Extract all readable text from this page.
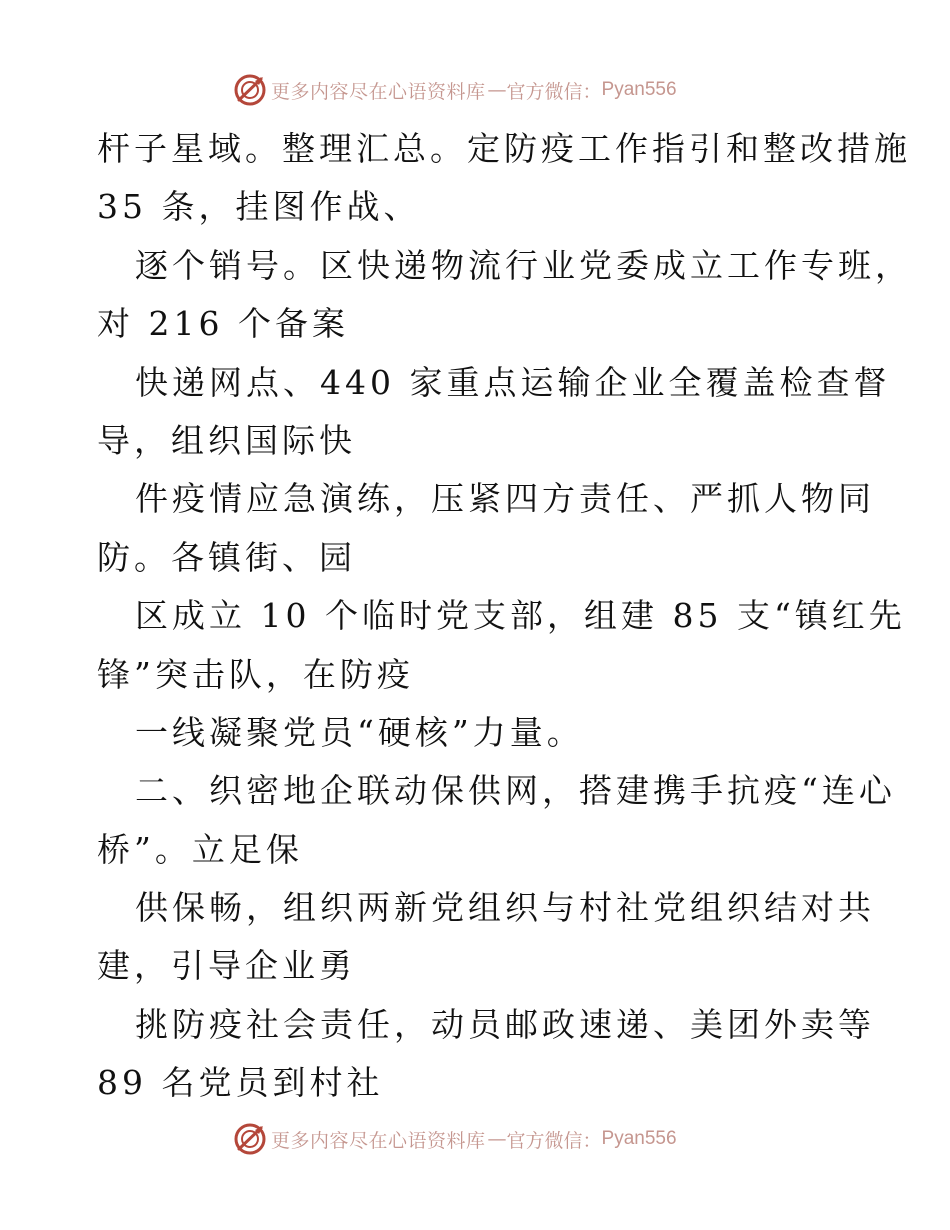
更多内容尽在心语资料库 — 官方微信： Pyan556
杆子星域。整理汇总。定防疫工作指引和整改措施
35 条，挂图作战、
逐个销号。区快递物流行业党委成立工作专班，
对 216 个备案
快递网点、440 家重点运输企业全覆盖检查督
导，组织国际快
件疫情应急演练，压紧四方责任、严抓人物同
防。各镇街、园
区成立 10 个临时党支部，组建 85 支“镇红先
锋”突击队，在防疫
一线凝聚党员“硬核”力量。
二、织密地企联动保供网，搭建携手抗疫“连心
桥”。立足保
供保畅，组织两新党组织与村社党组织结对共
建，引导企业勇
挑防疫社会责任，动员邮政速递、美团外卖等
89 名党员到村社
更多内容尽在心语资料库 — 官方微信： Pyan556
